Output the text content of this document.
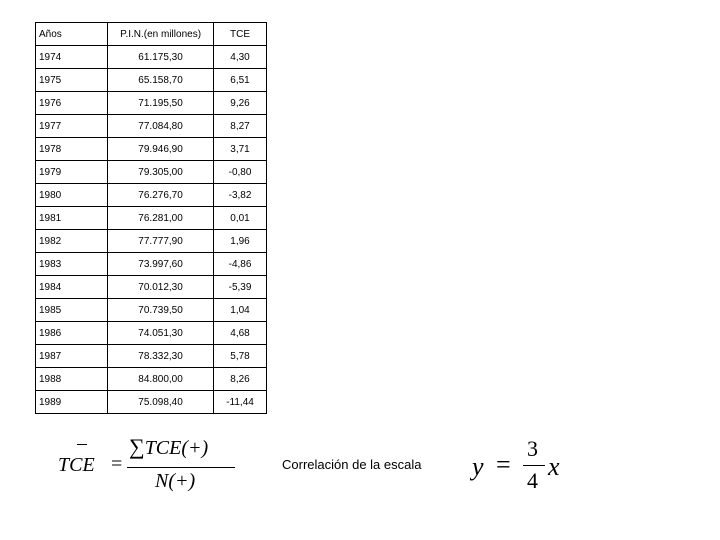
Años	P.I.N.(en millones)	TCE
1974	61.175,30	4,30
1975	65.158,70	6,51
1976	71.195,50	9,26
1977	77.084,80	8,27
1978	79.946,90	3,71
1979	79.305,00	-0,80
1980	76.276,70	-3,82
1981	76.281,00	0,01
1982	77.777,90	1,96
1983	73.997,60	-4,86
1984	70.012,30	-5,39
1985	70.739,50	1,04
1986	74.051,30	4,68
1987	78.332,30	5,78
1988	84.800,00	8,26
1989	75.098,40	-11,44
TCE =
∑TCE(+)
N(+)
Correlación de la escala y =
3
4 x
